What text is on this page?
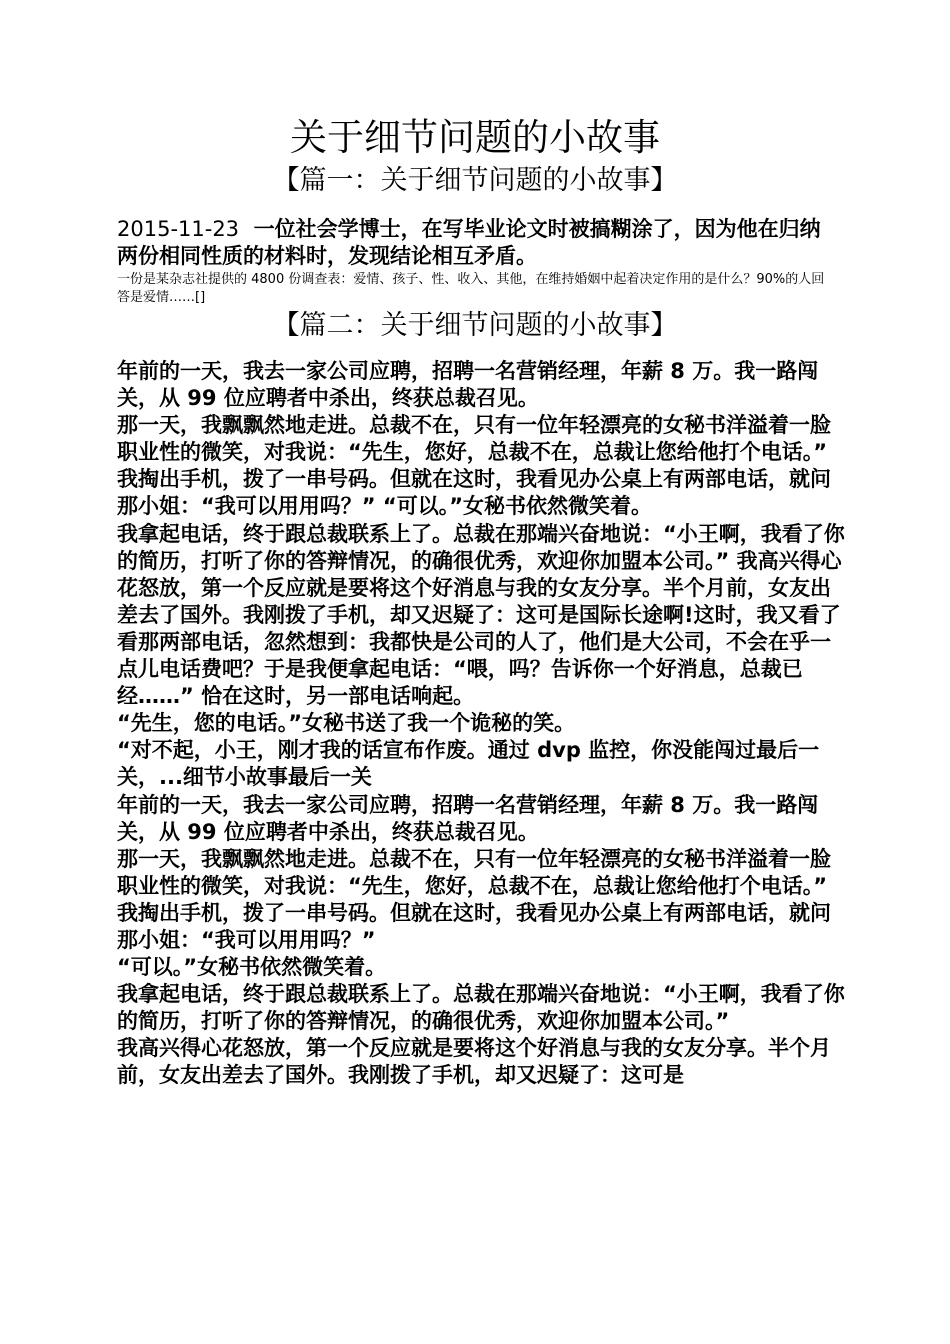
关于细节问题的小故事
【篇一：关于细节问题的小故事】
2015-11-23 一位社会学博士，在写毕业论文时被搞糊涂了，因为他在归纳两份相同性质的材料时，发现结论相互矛盾。
一份是某杂志社提供的 4800 份调查表：爱情、孩子、性、收入、其他，在维持婚姻中起着决定作用的是什么？90%的人回答是爱情……[]
【篇二：关于细节问题的小故事】

年前的一天，我去一家公司应聘，招聘一名营销经理，年薪 8 万。我一路闯关，从 99 位应聘者中杀出，终获总裁召见。

那一天，我飘飘然地走进。总裁不在，只有一位年轻漂亮的女秘书洋溢着一脸职业性的微笑，对我说：“先生，您好，总裁不在，总裁让您给他打个电话。” 我掏出手机，拨了一串号码。但就在这时，我看见办公桌上有两部电话，就问那小姐：“我可以用用吗？” “可以。”女秘书依然微笑着。

我拿起电话，终于跟总裁联系上了。总裁在那端兴奋地说：“小王啊，我看了你的简历，打听了你的答辩情况，的确很优秀，欢迎你加盟本公司。” 我高兴得心花怒放，第一个反应就是要将这个好消息与我的女友分享。半个月前，女友出差去了国外。我刚拨了手机，却又迟疑了：这可是国际长途啊!这时，我又看了看那两部电话，忽然想到：我都快是公司的人了，他们是大公司，不会在乎一点儿电话费吧？于是我便拿起电话：“喂，吗？告诉你一个好消息，总裁已经……” 恰在这时，另一部电话响起。

“先生，您的电话。”女秘书送了我一个诡秘的笑。

“对不起，小王，刚才我的话宣布作废。通过 dvp 监控，你没能闯过最后一关，...细节小故事最后一关

年前的一天，我去一家公司应聘，招聘一名营销经理，年薪 8 万。我一路闯关，从 99 位应聘者中杀出，终获总裁召见。

那一天，我飘飘然地走进。总裁不在，只有一位年轻漂亮的女秘书洋溢着一脸职业性的微笑，对我说：“先生，您好，总裁不在，总裁让您给他打个电话。”

我掏出手机，拨了一串号码。但就在这时，我看见办公桌上有两部电话，就问那小姐：“我可以用用吗？”

“可以。”女秘书依然微笑着。

我拿起电话，终于跟总裁联系上了。总裁在那端兴奋地说：“小王啊，我看了你的简历，打听了你的答辩情况，的确很优秀，欢迎你加盟本公司。”

我高兴得心花怒放，第一个反应就是要将这个好消息与我的女友分享。半个月前，女友出差去了国外。我刚拨了手机，却又迟疑了：这可是
